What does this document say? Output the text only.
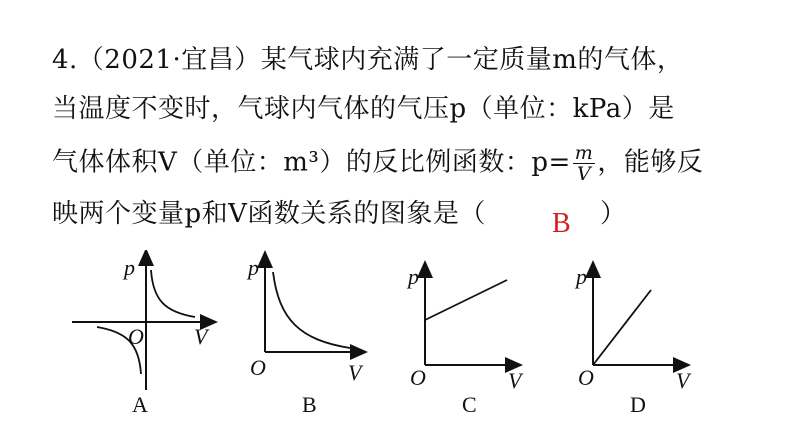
4.（2021·宜昌）某气球内充满了一定质量m的气体，
当温度不变时，气球内气体的气压p（单位：kPa）是
气体体积V（单位：m³）的反比例函数：$p= \frac{m}{V}$ ，能够反
映两个变量p和V函数关系的图象是（ B ）
p
V
O
A
p
V
O
B
p
V
O
C
p
V
O
D
